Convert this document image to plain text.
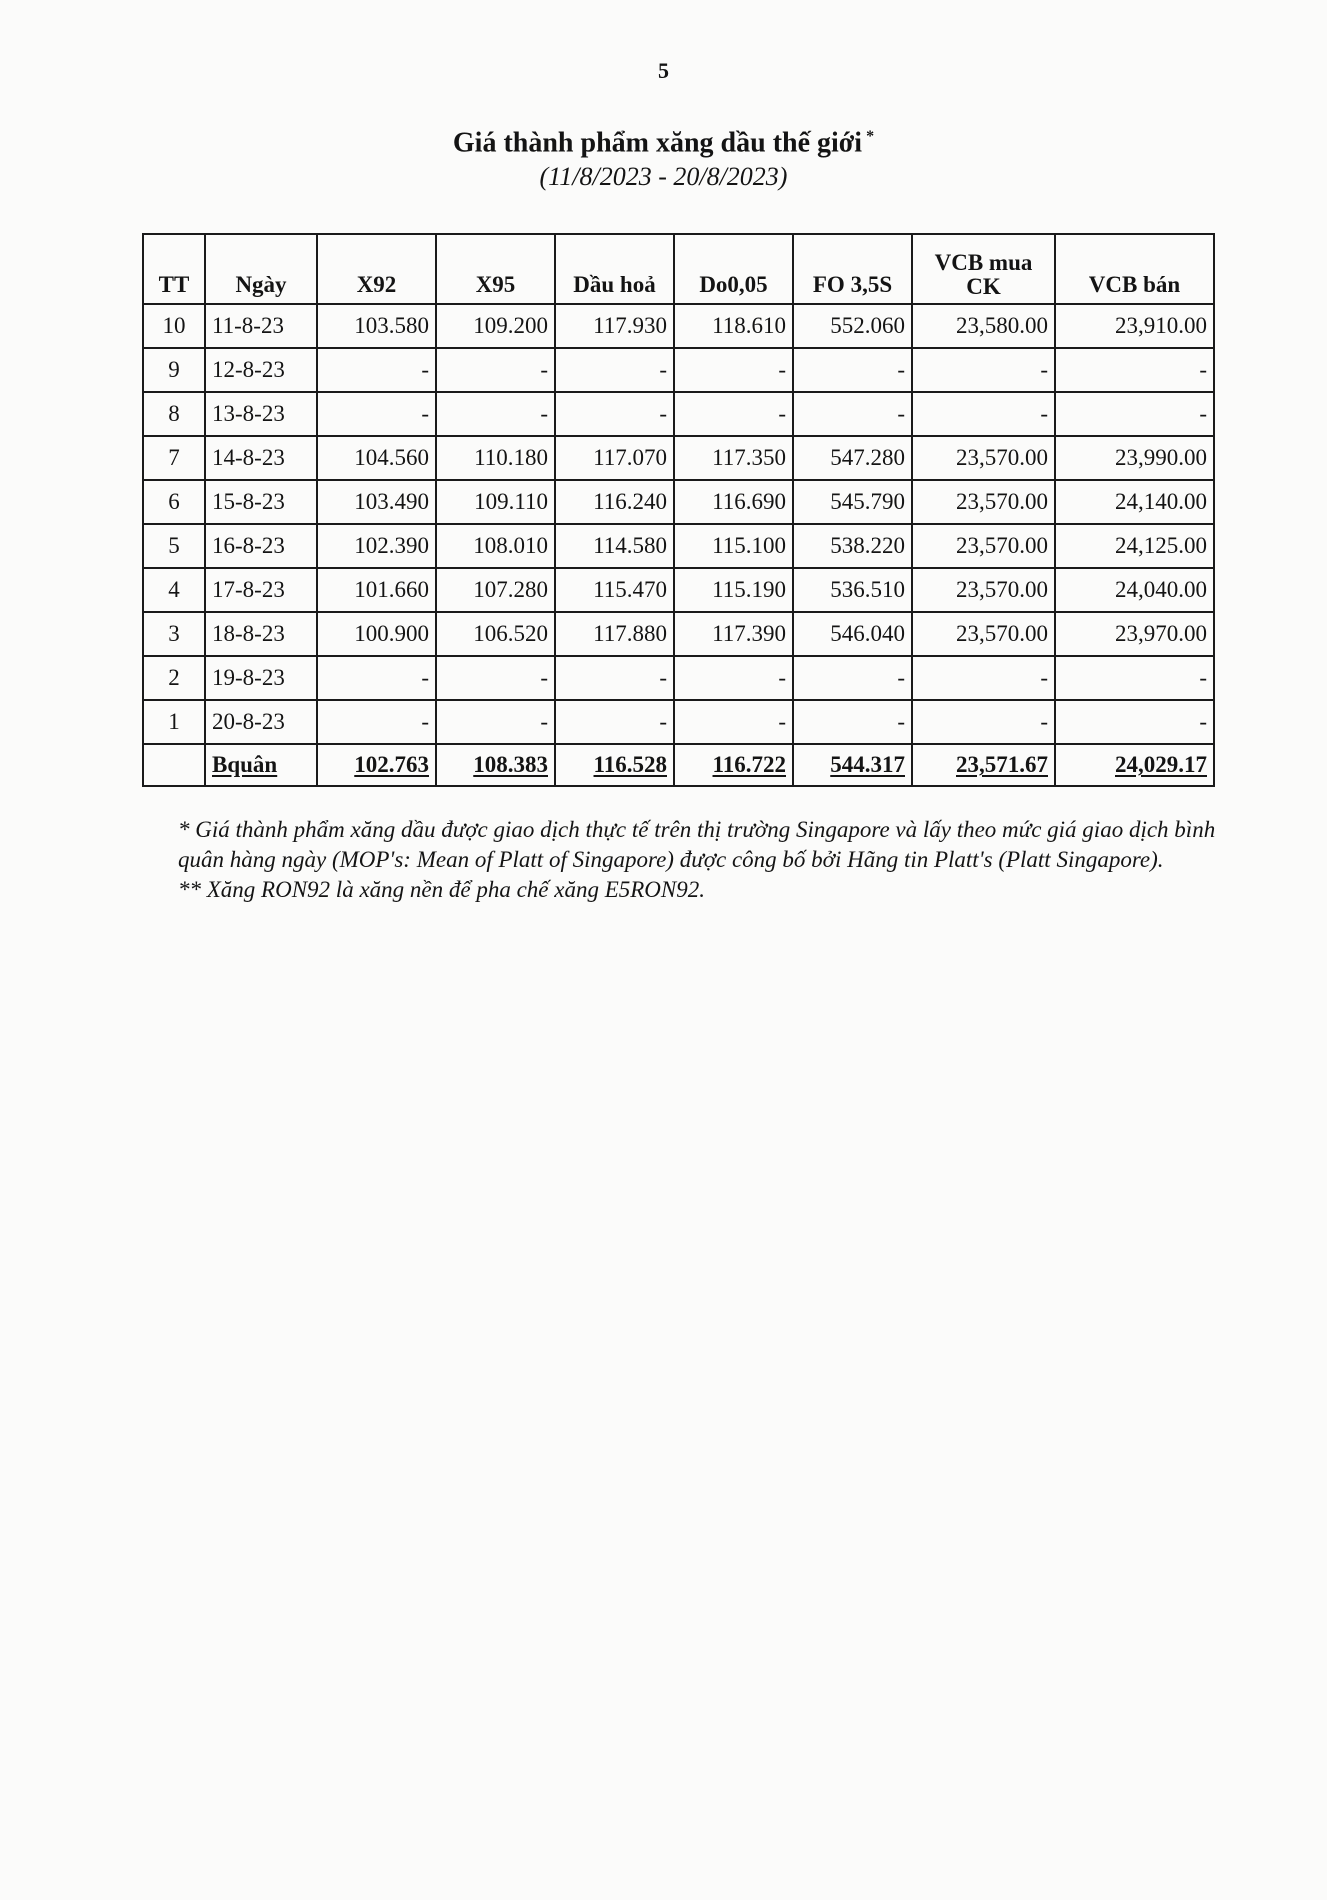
5
Giá thành phẩm xăng dầu thế giới *
(11/8/2023 - 20/8/2023)
TT	Ngày	X92	X95	Dầu hoả	Do0,05	FO 3,5S	VCB mua CK	VCB bán
10	11-8-23	103.580	109.200	117.930	118.610	552.060	23,580.00	23,910.00
9	12-8-23	-	-	-	-	-	-	-
8	13-8-23	-	-	-	-	-	-	-
7	14-8-23	104.560	110.180	117.070	117.350	547.280	23,570.00	23,990.00
6	15-8-23	103.490	109.110	116.240	116.690	545.790	23,570.00	24,140.00
5	16-8-23	102.390	108.010	114.580	115.100	538.220	23,570.00	24,125.00
4	17-8-23	101.660	107.280	115.470	115.190	536.510	23,570.00	24,040.00
3	18-8-23	100.900	106.520	117.880	117.390	546.040	23,570.00	23,970.00
2	19-8-23	-	-	-	-	-	-	-
1	20-8-23	-	-	-	-	-	-	-
	Bquân	102.763	108.383	116.528	116.722	544.317	23,571.67	24,029.17

* Giá thành phẩm xăng dầu được giao dịch thực tế trên thị trường Singapore và lấy theo mức giá giao dịch bình quân hàng ngày (MOP's: Mean of Platt of Singapore) được công bố bởi Hãng tin Platt's (Platt Singapore).

** Xăng RON92 là xăng nền để pha chế xăng E5RON92.
